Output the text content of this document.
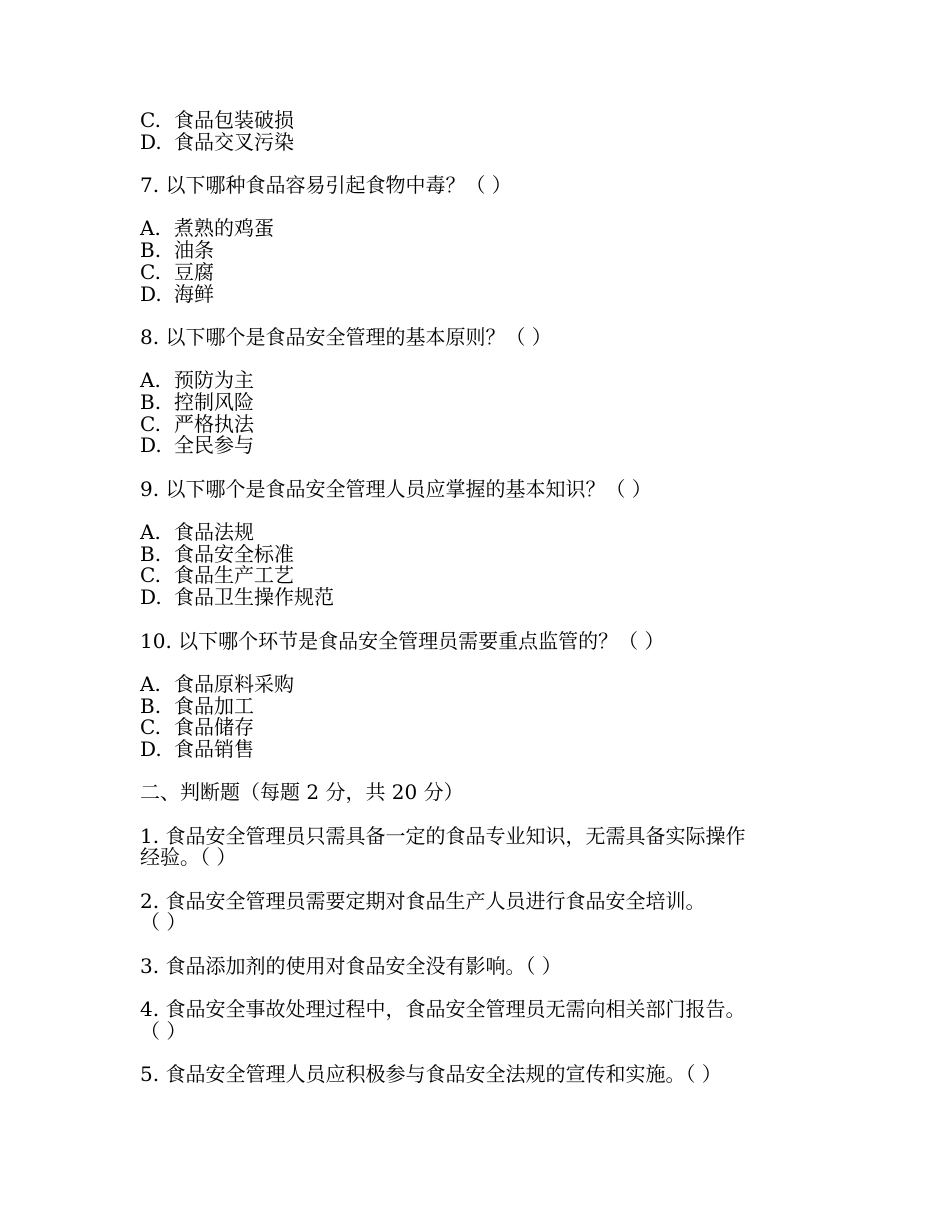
C. 食品包装破损
D. 食品交叉污染
7. 以下哪种食品容易引起食物中毒？（ ）
A. 煮熟的鸡蛋
B. 油条
C. 豆腐
D. 海鲜
8. 以下哪个是食品安全管理的基本原则？（ ）
A. 预防为主
B. 控制风险
C. 严格执法
D. 全民参与
9. 以下哪个是食品安全管理人员应掌握的基本知识？（ ）
A. 食品法规
B. 食品安全标准
C. 食品生产工艺
D. 食品卫生操作规范
10. 以下哪个环节是食品安全管理员需要重点监管的？（ ）
A. 食品原料采购
B. 食品加工
C. 食品储存
D. 食品销售
二、判断题（每题 2 分，共 20 分）
1. 食品安全管理员只需具备一定的食品专业知识，无需具备实际操作
经验。（ ）
2. 食品安全管理员需要定期对食品生产人员进行食品安全培训。
（ ）
3. 食品添加剂的使用对食品安全没有影响。（ ）
4. 食品安全事故处理过程中，食品安全管理员无需向相关部门报告。
（ ）
5. 食品安全管理人员应积极参与食品安全法规的宣传和实施。（ ）
